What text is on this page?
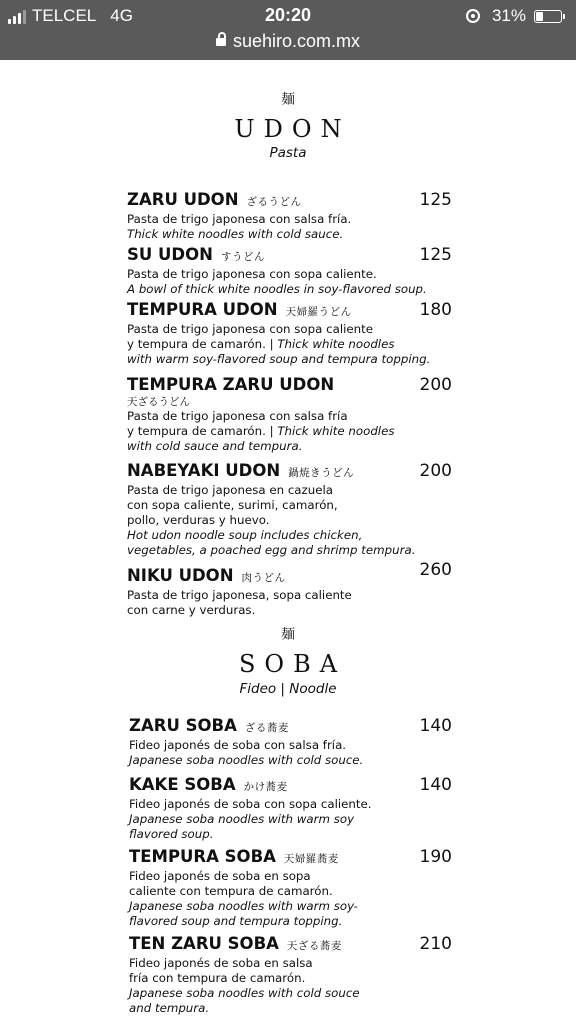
TELCEL 4G	20:20	31%
suehiro.com.mx
麺
UDON
Pasta
ZARU UDON ざるうどん
Pasta de trigo japonesa con salsa fría.
Thick white noodles with cold sauce.
125
SU UDON すうどん
Pasta de trigo japonesa con sopa caliente.
A bowl of thick white noodles in soy-flavored soup.
125
TEMPURA UDON 天婦羅うどん
Pasta de trigo japonesa con sopa caliente
y tempura de camarón. | Thick white noodles
with warm soy-flavored soup and tempura topping.
180
TEMPURA ZARU UDON
天ざるうどん
Pasta de trigo japonesa con salsa fría
y tempura de camarón. | Thick white noodles
with cold sauce and tempura.
200
NABEYAKI UDON 鍋焼きうどん
Pasta de trigo japonesa en cazuela
con sopa caliente, surimi, camarón,
pollo, verduras y huevo.
Hot udon noodle soup includes chicken,
vegetables, a poached egg and shrimp tempura.
200
NIKU UDON 肉うどん
Pasta de trigo japonesa, sopa caliente
con carne y verduras.
260
麺
SOBA
Fideo | Noodle
ZARU SOBA ざる蕎麦
Fideo japonés de soba con salsa fría.
Japanese soba noodles with cold souce.
140
KAKE SOBA かけ蕎麦
Fideo japonés de soba con sopa caliente.
Japanese soba noodles with warm soy
flavored soup.
140
TEMPURA SOBA 天婦羅蕎麦
Fideo japonés de soba en sopa
caliente con tempura de camarón.
Japanese soba noodles with warm soy-
flavored soup and tempura topping.
190
TEN ZARU SOBA 天ざる蕎麦
Fideo japonés de soba en salsa
fría con tempura de camarón.
Japanese soba noodles with cold souce
and tempura.
210
